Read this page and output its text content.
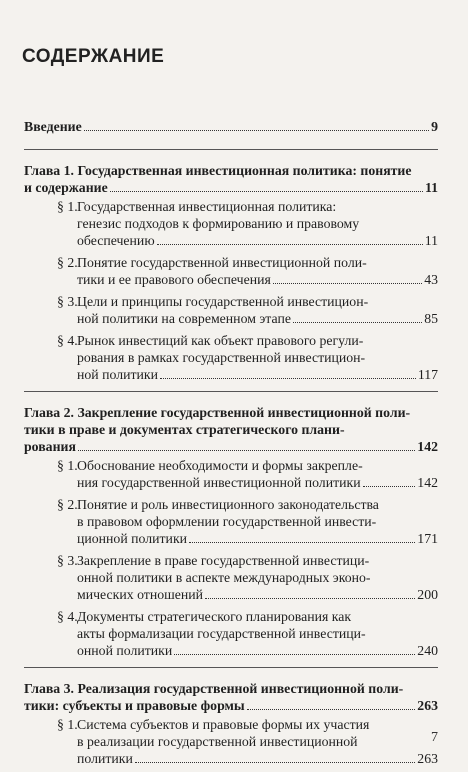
СОДЕРЖАНИЕ
Введение	9
Глава 1. Государственная инвестиционная политика: понятие
и содержание	11
§ 1. Государственная инвестиционная политика:
генезис подходов к формированию и правовому
обеспечению	11
§ 2. Понятие государственной инвестиционной поли-
тики и ее правового обеспечения	43
§ 3. Цели и принципы государственной инвестицион-
ной политики на современном этапе	85
§ 4. Рынок инвестиций как объект правового регули-
рования в рамках государственной инвестицион-
ной политики	117
Глава 2. Закрепление государственной инвестиционной поли-
тики в праве и документах стратегического плани-
рования	142
§ 1. Обоснование необходимости и формы закрепле-
ния государственной инвестиционной политики	142
§ 2. Понятие и роль инвестиционного законодательства
в правовом оформлении государственной инвести-
ционной политики	171
§ 3. Закрепление в праве государственной инвестици-
онной политики в аспекте международных эконо-
мических отношений	200
§ 4. Документы стратегического планирования как
акты формализации государственной инвестици-
онной политики	240
Глава 3. Реализация государственной инвестиционной поли-
тики: субъекты и правовые формы	263
§ 1. Система субъектов и правовые формы их участия
в реализации государственной инвестиционной
политики	263
7
